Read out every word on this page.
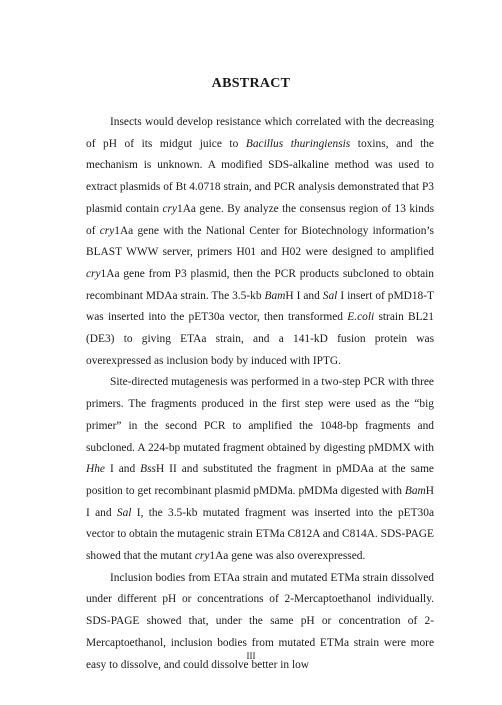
ABSTRACT

Insects would develop resistance which correlated with the decreasing of pH of its midgut juice to Bacillus thuringiensis toxins, and the mechanism is unknown. A modified SDS-alkaline method was used to extract plasmids of Bt 4.0718 strain, and PCR analysis demonstrated that P3 plasmid contain cry1Aa gene. By analyze the consensus region of 13 kinds of cry1Aa gene with the National Center for Biotechnology information’s BLAST WWW server, primers H01 and H02 were designed to amplified cry1Aa gene from P3 plasmid, then the PCR products subcloned to obtain recombinant MDAa strain. The 3.5-kb BamH I and Sal I insert of pMD18-T was inserted into the pET30a vector, then transformed E.coli strain BL21 (DE3) to giving ETAa strain, and a 141-kD fusion protein was overexpressed as inclusion body by induced with IPTG.

Site-directed mutagenesis was performed in a two-step PCR with three primers. The fragments produced in the first step were used as the “big primer” in the second PCR to amplified the 1048-bp fragments and subcloned. A 224-bp mutated fragment obtained by digesting pMDMX with Hhe I and BssH II and substituted the fragment in pMDAa at the same position to get recombinant plasmid pMDMa. pMDMa digested with BamH I and Sal I, the 3.5-kb mutated fragment was inserted into the pET30a vector to obtain the mutagenic strain ETMa C812A and C814A. SDS-PAGE showed that the mutant cry1Aa gene was also overexpressed.

Inclusion bodies from ETAa strain and mutated ETMa strain dissolved under different pH or concentrations of 2-Mercaptoethanol individually. SDS-PAGE showed that, under the same pH or concentration of 2-Mercaptoethanol, inclusion bodies from mutated ETMa strain were more easy to dissolve, and could dissolve better in low

III
